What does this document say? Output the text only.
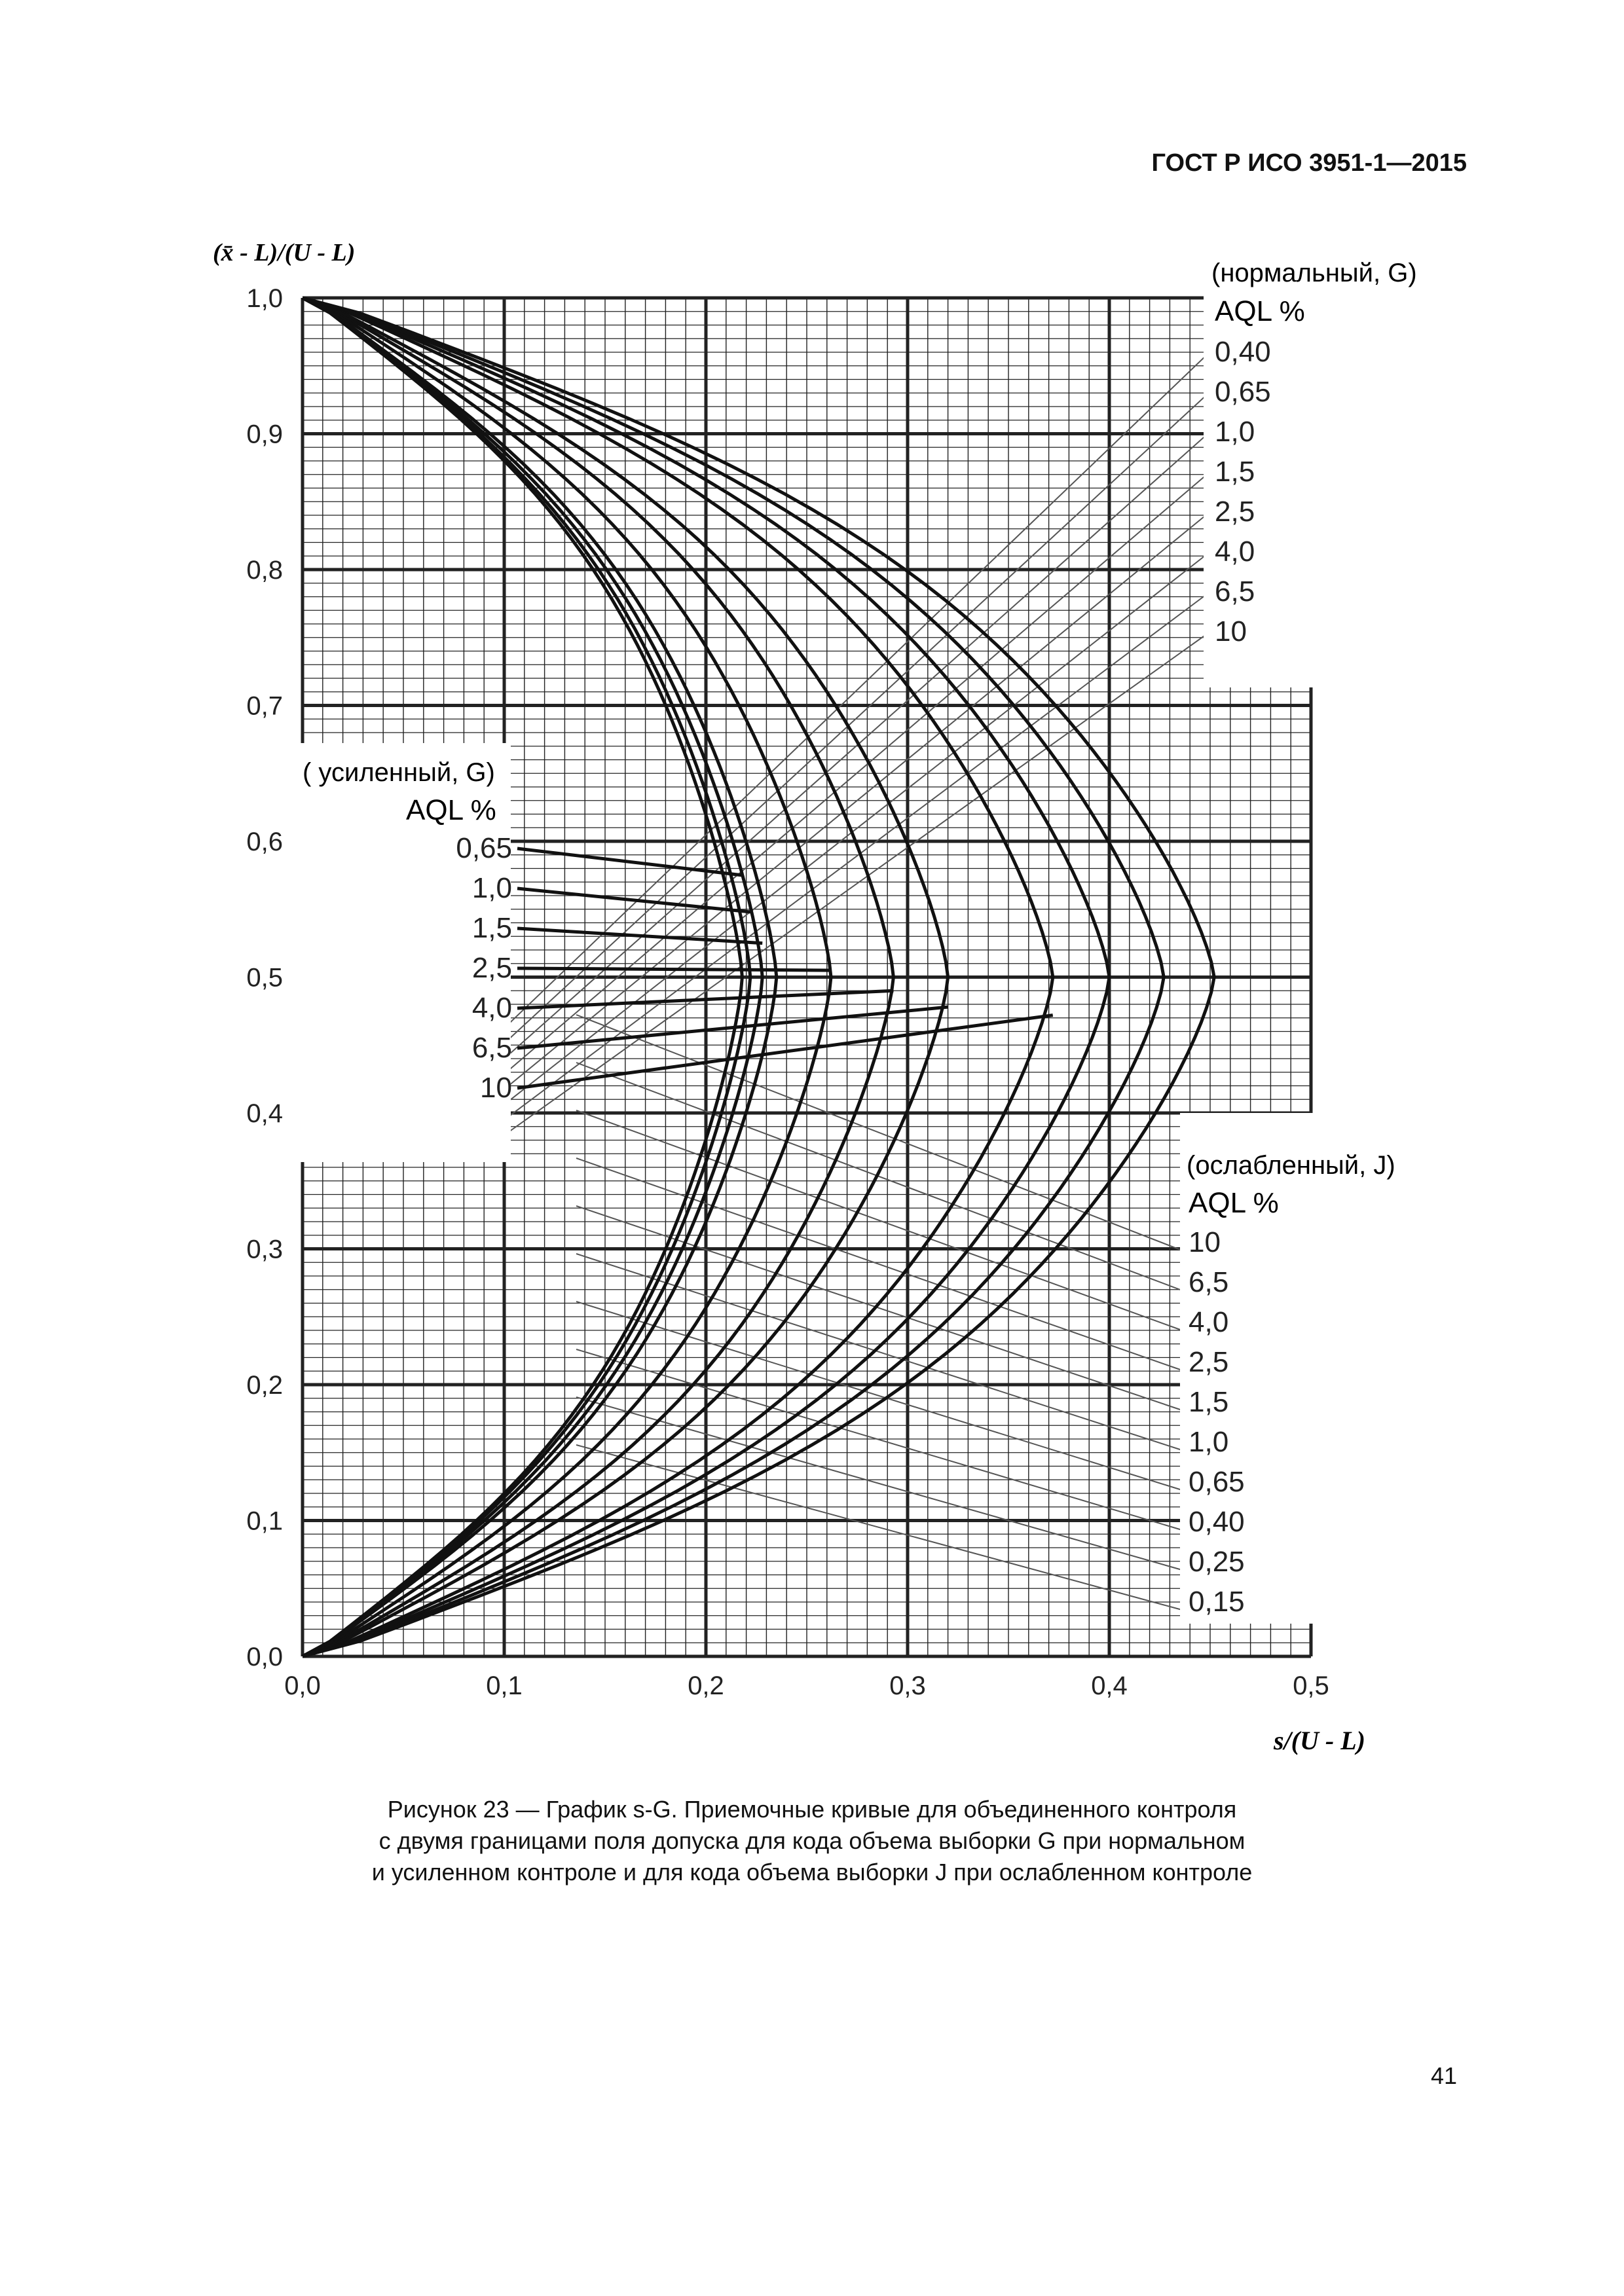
ГОСТ Р ИСО 3951-1—2015
0,0	0,1	0,2	0,3	0,4	0,5
0,0
0,1
0,2
0,3
0,4
0,5
0,6
0,7
0,8
0,9
1,0
(x̄ - L)/(U - L)
s/(U - L)
(нормальный, G)
AQL %
0,40
0,65
1,0
1,5
2,5
4,0
6,5
10
( усиленный, G)
AQL %
0,65
1,0
1,5
2,5
4,0
6,5
10
(ослабленный, J)
AQL %
10
6,5
4,0
2,5
1,5
1,0
0,65
0,40
0,25
0,15
Рисунок 23 — График s-G. Приемочные кривые для объединенного контроля
с двумя границами поля допуска для кода объема выборки G при нормальном
и усиленном контроле и для кода объема выборки J при ослабленном контроле
41
